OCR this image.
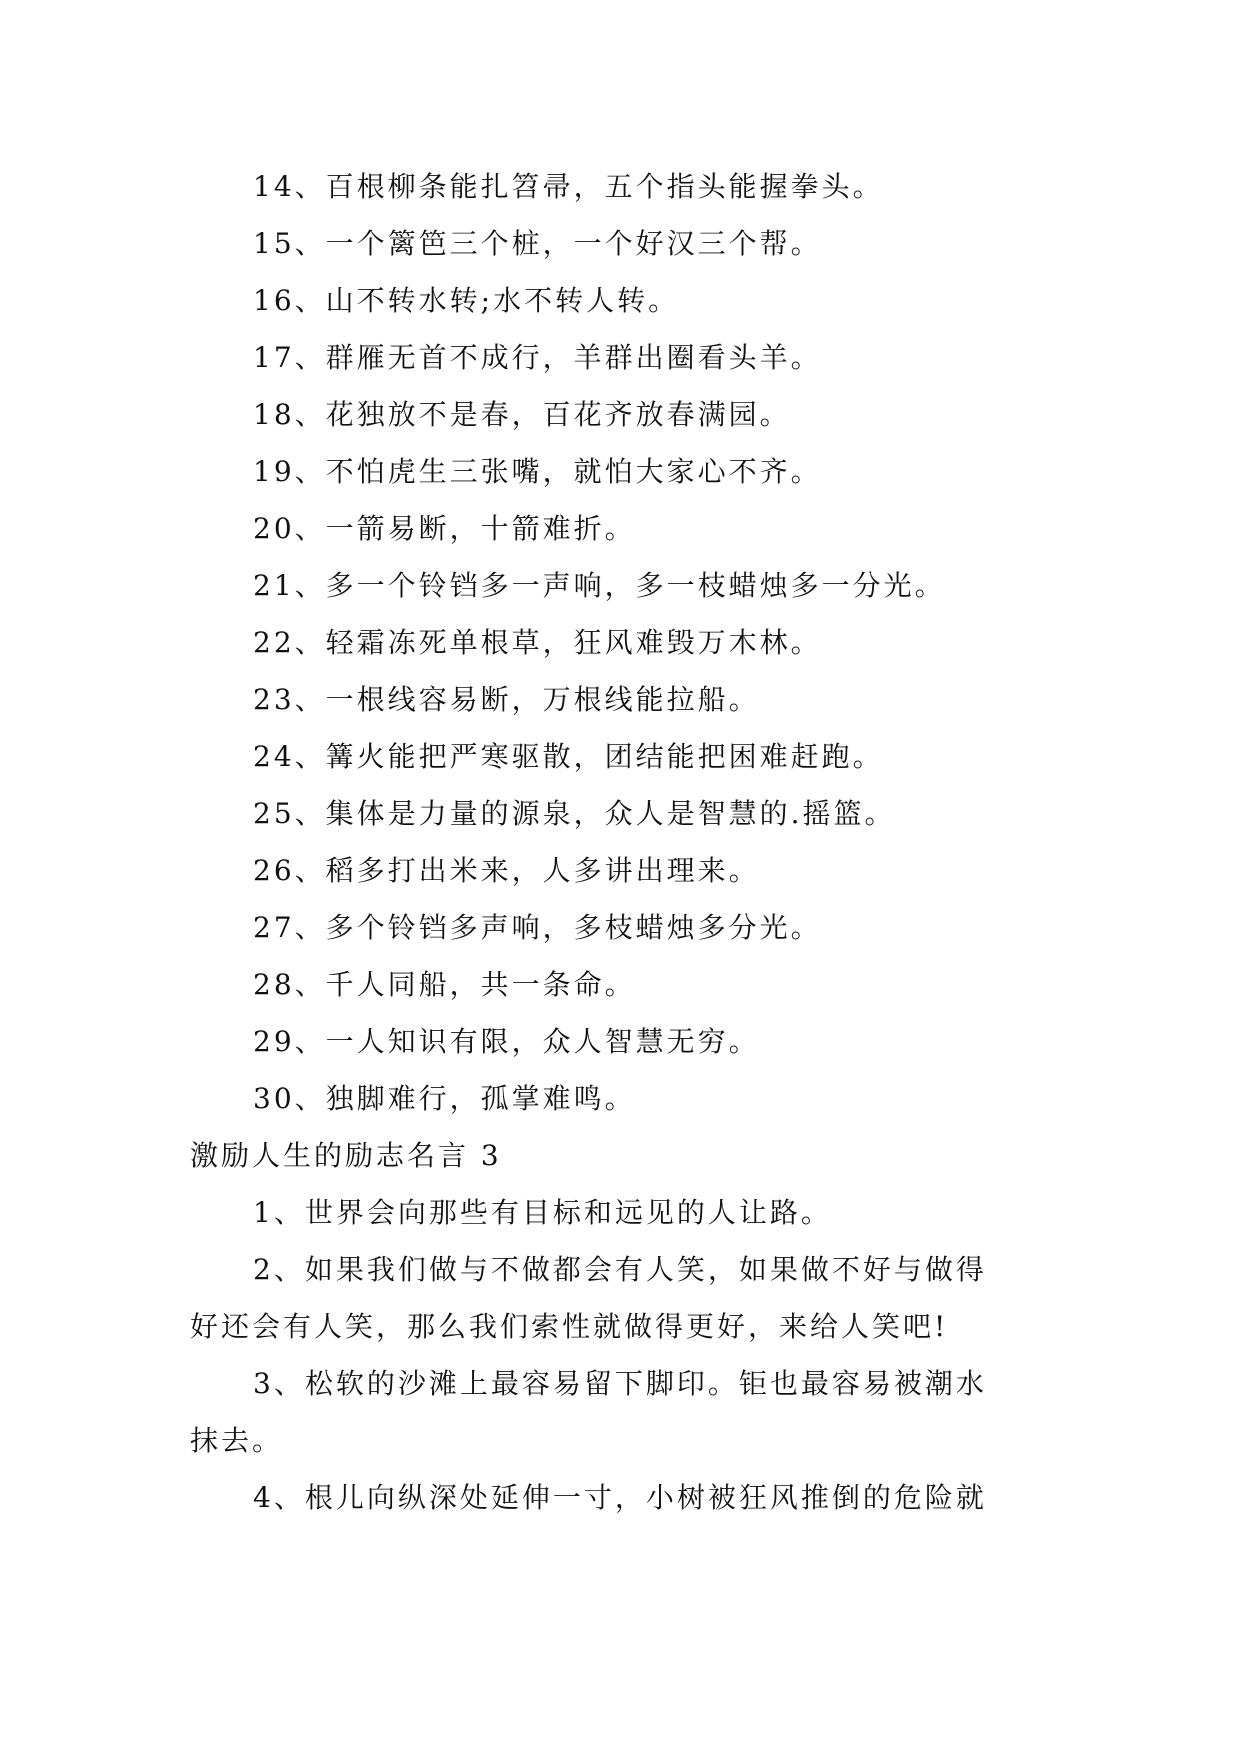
14、百根柳条能扎笤帚，五个指头能握拳头。
15、一个篱笆三个桩，一个好汉三个帮。
16、山不转水转;水不转人转。
17、群雁无首不成行，羊群出圈看头羊。
18、花独放不是春，百花齐放春满园。
19、不怕虎生三张嘴，就怕大家心不齐。
20、一箭易断，十箭难折。
21、多一个铃铛多一声响，多一枝蜡烛多一分光。
22、轻霜冻死单根草，狂风难毁万木林。
23、一根线容易断，万根线能拉船。
24、篝火能把严寒驱散，团结能把困难赶跑。
25、集体是力量的源泉，众人是智慧的.摇篮。
26、稻多打出米来，人多讲出理来。
27、多个铃铛多声响，多枝蜡烛多分光。
28、千人同船，共一条命。
29、一人知识有限，众人智慧无穷。
30、独脚难行，孤掌难鸣。
激励人生的励志名言 3
1、世界会向那些有目标和远见的人让路。
2、如果我们做与不做都会有人笑，如果做不好与做得
好还会有人笑，那么我们索性就做得更好，来给人笑吧!
3、松软的沙滩上最容易留下脚印。钜也最容易被潮水
抹去。
4、根儿向纵深处延伸一寸，小树被狂风推倒的危险就
